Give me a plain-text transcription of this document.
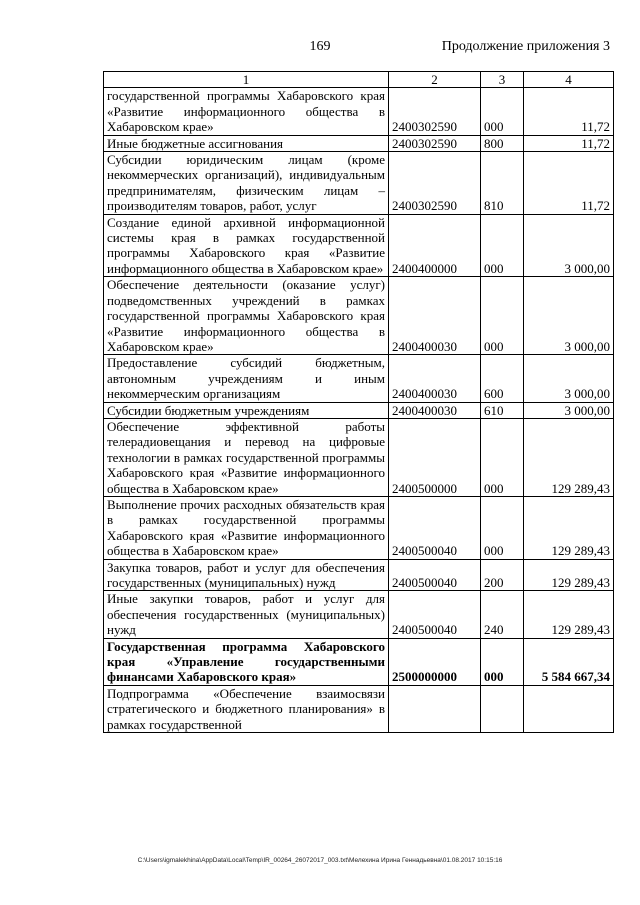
169	Продолжение приложения 3
1	2	3	4
государственной программы Хабаровского края «Развитие информационного общества в Хабаровском крае»	2400302590	000	11,72
Иные бюджетные ассигнования	2400302590	800	11,72
Субсидии юридическим лицам (кроме некоммерческих организаций), индивидуальным предпринимателям, физическим лицам – производителям товаров, работ, услуг	2400302590	810	11,72
Создание единой архивной информационной системы края в рамках государственной программы Хабаровского края «Развитие информационного общества в Хабаровском крае»	2400400000	000	3 000,00
Обеспечение деятельности (оказание услуг) подведомственных учреждений в рамках государственной программы Хабаровского края «Развитие информационного общества в Хабаровском крае»	2400400030	000	3 000,00
Предоставление субсидий бюджетным, автономным учреждениям и иным некоммерческим организациям	2400400030	600	3 000,00
Субсидии бюджетным учреждениям	2400400030	610	3 000,00
Обеспечение эффективной работы телерадиовещания и перевод на цифровые технологии в рамках государственной программы Хабаровского края «Развитие информационного общества в Хабаровском крае»	2400500000	000	129 289,43
Выполнение прочих расходных обязательств края в рамках государственной программы Хабаровского края «Развитие информационного общества в Хабаровском крае»	2400500040	000	129 289,43
Закупка товаров, работ и услуг для обеспечения государственных (муниципальных) нужд	2400500040	200	129 289,43
Иные закупки товаров, работ и услуг для обеспечения государственных (муниципальных) нужд	2400500040	240	129 289,43
Государственная программа Хабаровского края «Управление государственными финансами Хабаровского края»	2500000000	000	5 584 667,34
Подпрограмма «Обеспечение взаимосвязи стратегического и бюджетного планирования» в рамках государственной			
C:\Users\igmalekhina\AppData\Local\Temp\IR_00264_26072017_003.txt\Мелехина Ирина Геннадьевна\01.08.2017 10:15:16
